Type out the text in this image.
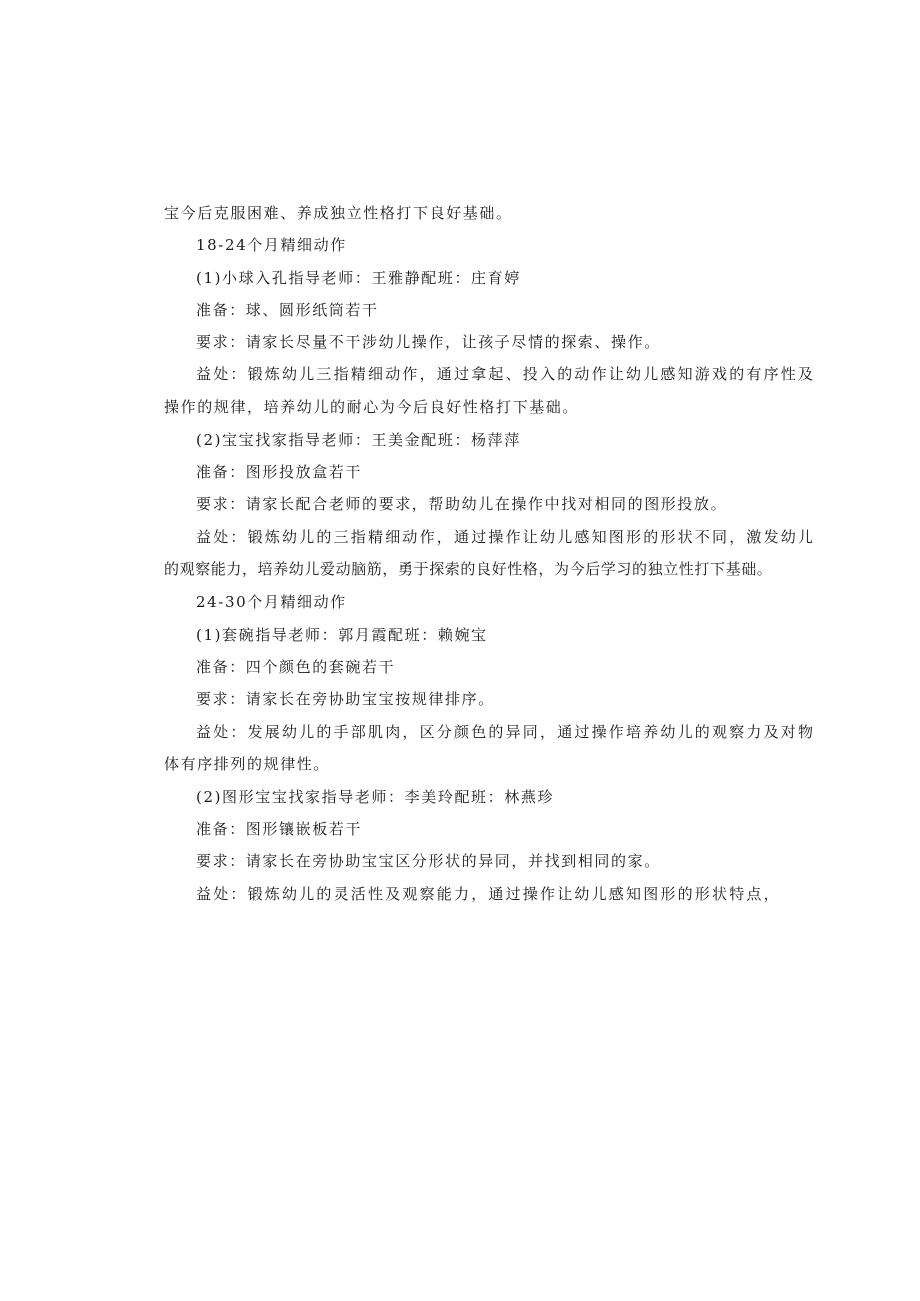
宝今后克服困难、养成独立性格打下良好基础。
18-24个月精细动作
(1)小球入孔指导老师：王雅静配班：庄育婷
准备：球、圆形纸筒若干
要求：请家长尽量不干涉幼儿操作，让孩子尽情的探索、操作。
益处：锻炼幼儿三指精细动作，通过拿起、投入的动作让幼儿感知游戏的有序性及
操作的规律，培养幼儿的耐心为今后良好性格打下基础。
(2)宝宝找家指导老师：王美金配班：杨萍萍
准备：图形投放盒若干
要求：请家长配合老师的要求，帮助幼儿在操作中找对相同的图形投放。
益处：锻炼幼儿的三指精细动作，通过操作让幼儿感知图形的形状不同，激发幼儿
的观察能力，培养幼儿爱动脑筋，勇于探索的良好性格，为今后学习的独立性打下基础。
24-30个月精细动作
(1)套碗指导老师：郭月霞配班：赖婉宝
准备：四个颜色的套碗若干
要求：请家长在旁协助宝宝按规律排序。
益处：发展幼儿的手部肌肉，区分颜色的异同，通过操作培养幼儿的观察力及对物
体有序排列的规律性。
(2)图形宝宝找家指导老师：李美玲配班：林燕珍
准备：图形镶嵌板若干
要求：请家长在旁协助宝宝区分形状的异同，并找到相同的家。
益处：锻炼幼儿的灵活性及观察能力，通过操作让幼儿感知图形的形状特点，
